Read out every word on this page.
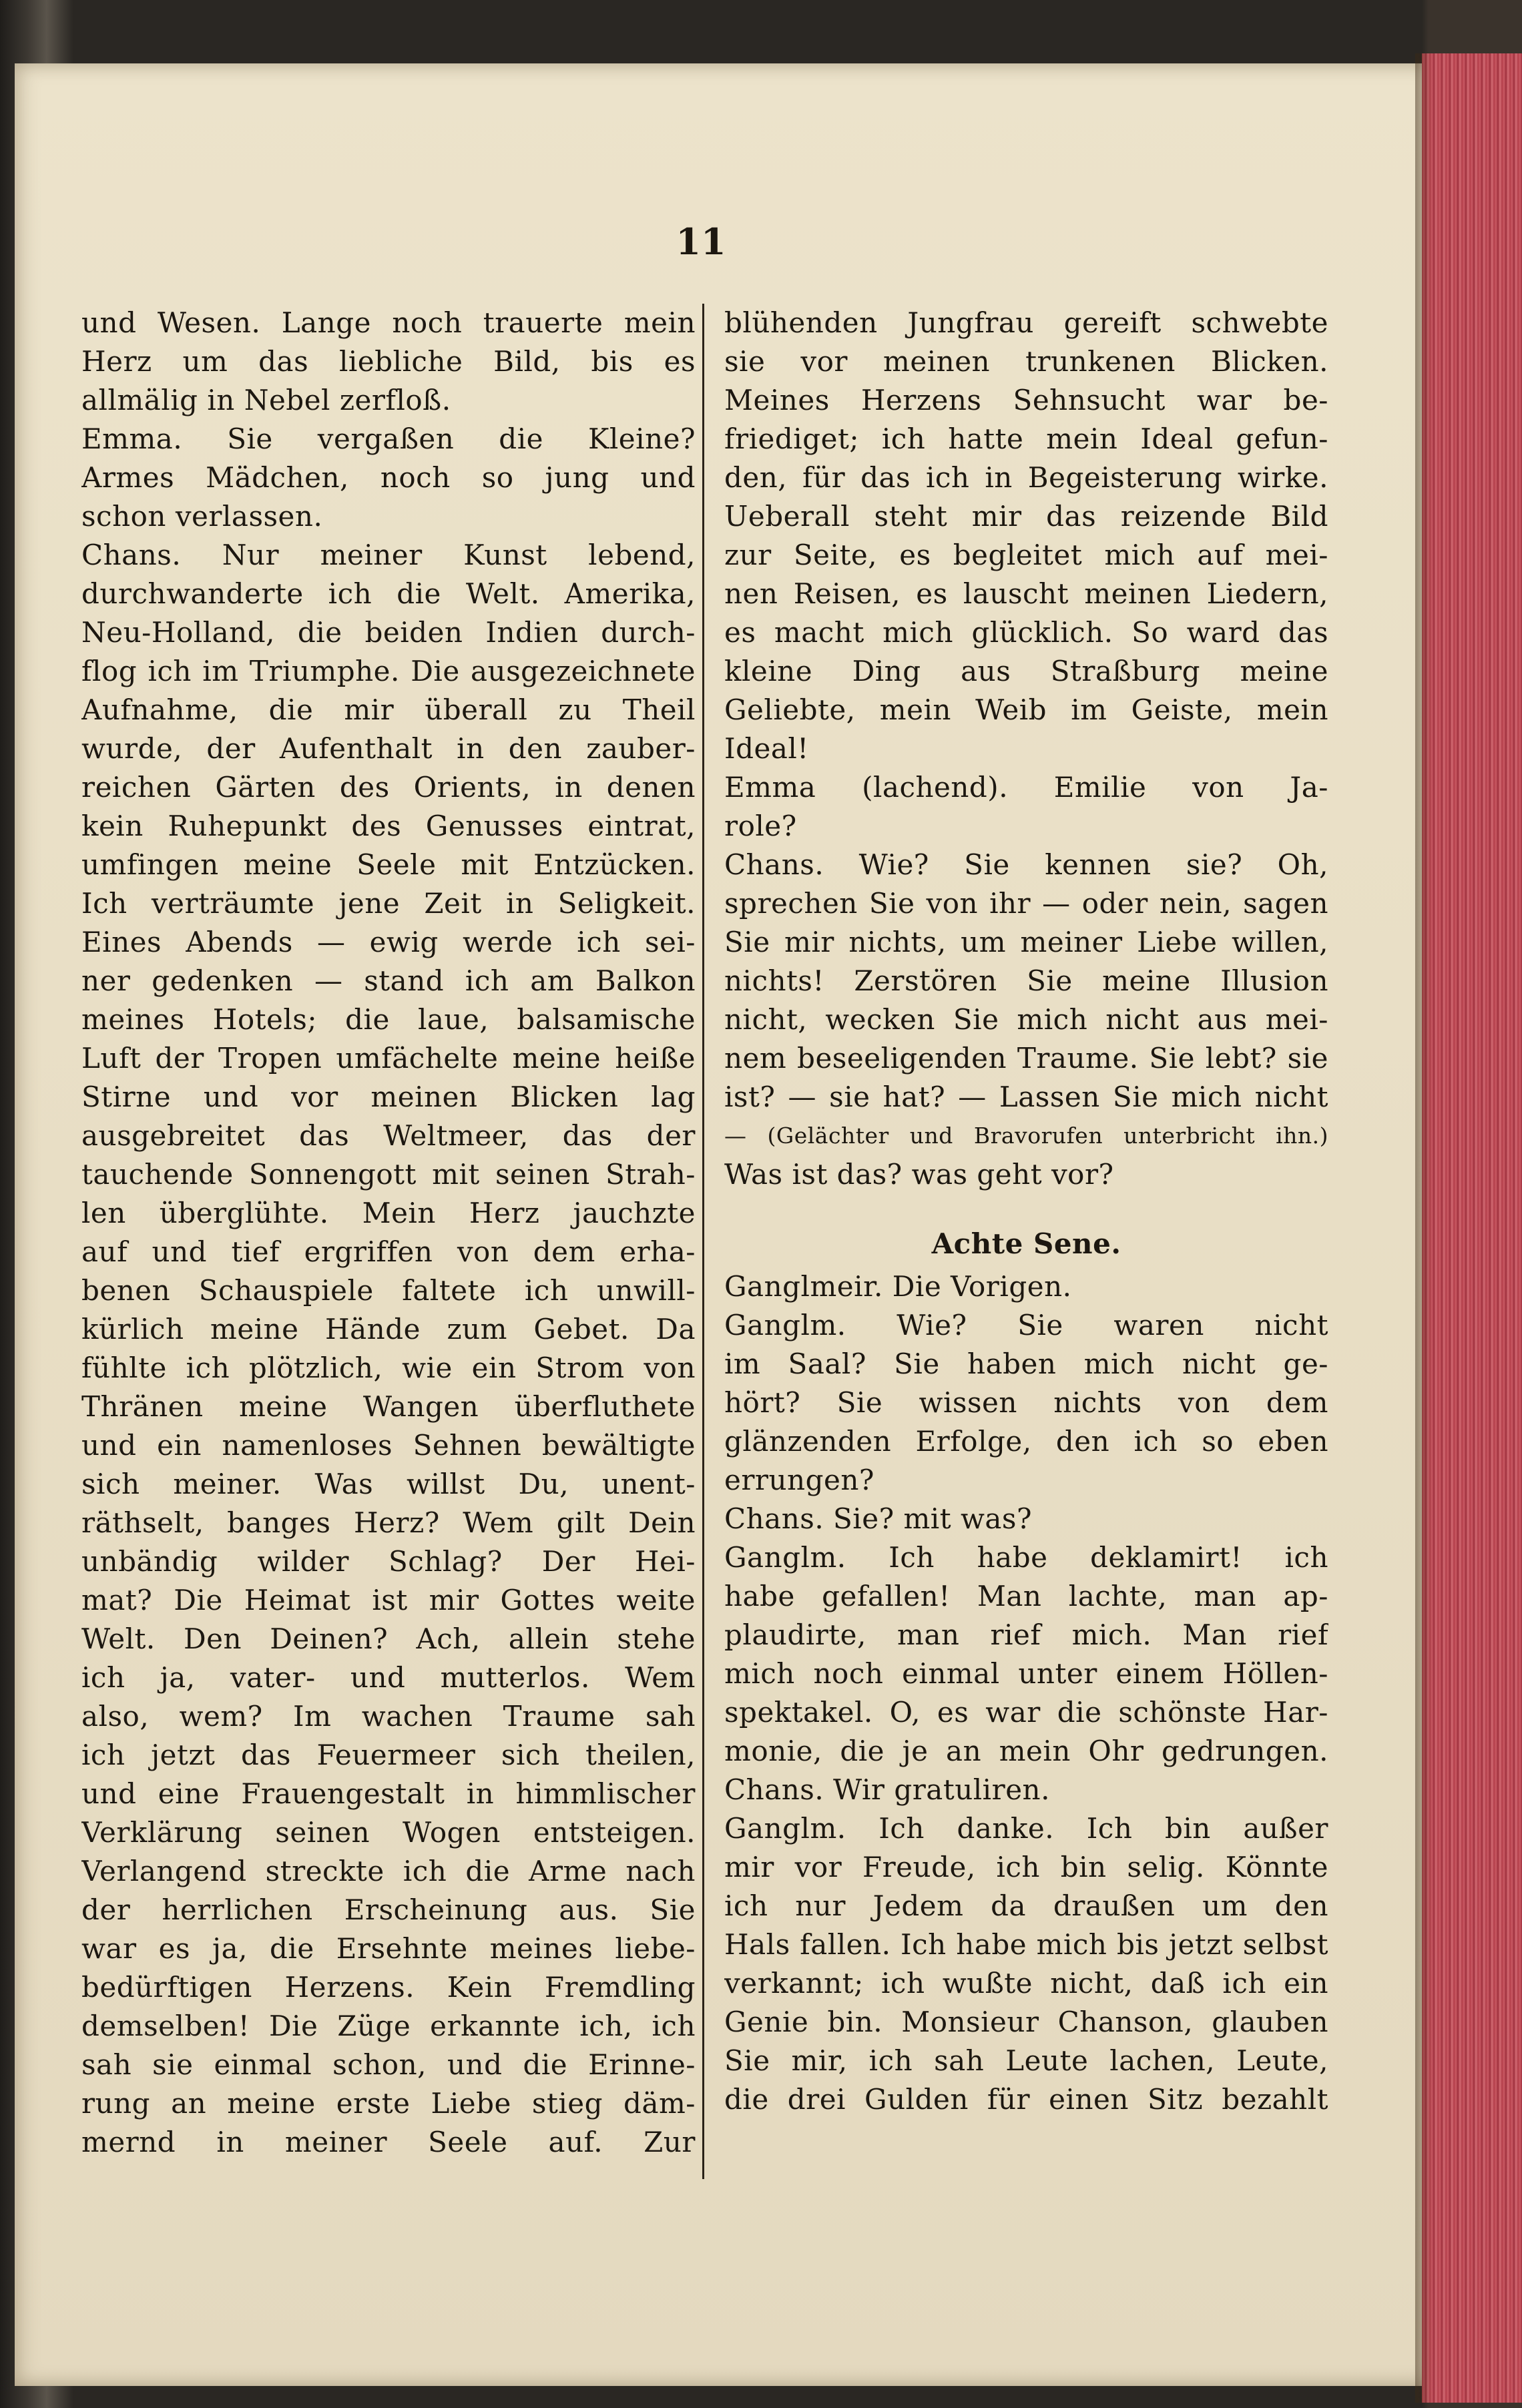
11
und Wesen. Lange noch trauerte mein
Herz um das liebliche Bild, bis es
allmälig in Nebel zerfloß.
Emma. Sie vergaßen die Kleine?
Armes Mädchen, noch so jung und
schon verlassen.
Chans. Nur meiner Kunst lebend,
durchwanderte ich die Welt. Amerika,
Neu-Holland, die beiden Indien durch-
flog ich im Triumphe. Die ausgezeichnete
Aufnahme, die mir überall zu Theil
wurde, der Aufenthalt in den zauber-
reichen Gärten des Orients, in denen
kein Ruhepunkt des Genusses eintrat,
umfingen meine Seele mit Entzücken.
Ich verträumte jene Zeit in Seligkeit.
Eines Abends — ewig werde ich sei-
ner gedenken — stand ich am Balkon
meines Hotels; die laue, balsamische
Luft der Tropen umfächelte meine heiße
Stirne und vor meinen Blicken lag
ausgebreitet das Weltmeer, das der
tauchende Sonnengott mit seinen Strah-
len überglühte. Mein Herz jauchzte
auf und tief ergriffen von dem erha-
benen Schauspiele faltete ich unwill-
kürlich meine Hände zum Gebet. Da
fühlte ich plötzlich, wie ein Strom von
Thränen meine Wangen überfluthete
und ein namenloses Sehnen bewältigte
sich meiner. Was willst Du, unent-
räthselt, banges Herz? Wem gilt Dein
unbändig wilder Schlag? Der Hei-
mat? Die Heimat ist mir Gottes weite
Welt. Den Deinen? Ach, allein stehe
ich ja, vater- und mutterlos. Wem
also, wem? Im wachen Traume sah
ich jetzt das Feuermeer sich theilen,
und eine Frauengestalt in himmlischer
Verklärung seinen Wogen entsteigen.
Verlangend streckte ich die Arme nach
der herrlichen Erscheinung aus. Sie
war es ja, die Ersehnte meines liebe-
bedürftigen Herzens. Kein Fremdling
demselben! Die Züge erkannte ich, ich
sah sie einmal schon, und die Erinne-
rung an meine erste Liebe stieg däm-
mernd in meiner Seele auf. Zur
blühenden Jungfrau gereift schwebte
sie vor meinen trunkenen Blicken.
Meines Herzens Sehnsucht war be-
friediget; ich hatte mein Ideal gefun-
den, für das ich in Begeisterung wirke.
Ueberall steht mir das reizende Bild
zur Seite, es begleitet mich auf mei-
nen Reisen, es lauscht meinen Liedern,
es macht mich glücklich. So ward das
kleine Ding aus Straßburg meine
Geliebte, mein Weib im Geiste, mein
Ideal!
Emma (lachend). Emilie von Ja-
role?
Chans. Wie? Sie kennen sie? Oh,
sprechen Sie von ihr — oder nein, sagen
Sie mir nichts, um meiner Liebe willen,
nichts! Zerstören Sie meine Illusion
nicht, wecken Sie mich nicht aus mei-
nem beseeligenden Traume. Sie lebt? sie
ist? — sie hat? — Lassen Sie mich nicht
— (Gelächter und Bravorufen unterbricht ihn.)
Was ist das? was geht vor?
Achte Sene.
Ganglmeir. Die Vorigen.
Ganglm. Wie? Sie waren nicht
im Saal? Sie haben mich nicht ge-
hört? Sie wissen nichts von dem
glänzenden Erfolge, den ich so eben
errungen?
Chans. Sie? mit was?
Ganglm. Ich habe deklamirt! ich
habe gefallen! Man lachte, man ap-
plaudirte, man rief mich. Man rief
mich noch einmal unter einem Höllen-
spektakel. O, es war die schönste Har-
monie, die je an mein Ohr gedrungen.
Chans. Wir gratuliren.
Ganglm. Ich danke. Ich bin außer
mir vor Freude, ich bin selig. Könnte
ich nur Jedem da draußen um den
Hals fallen. Ich habe mich bis jetzt selbst
verkannt; ich wußte nicht, daß ich ein
Genie bin. Monsieur Chanson, glauben
Sie mir, ich sah Leute lachen, Leute,
die drei Gulden für einen Sitz bezahlt
